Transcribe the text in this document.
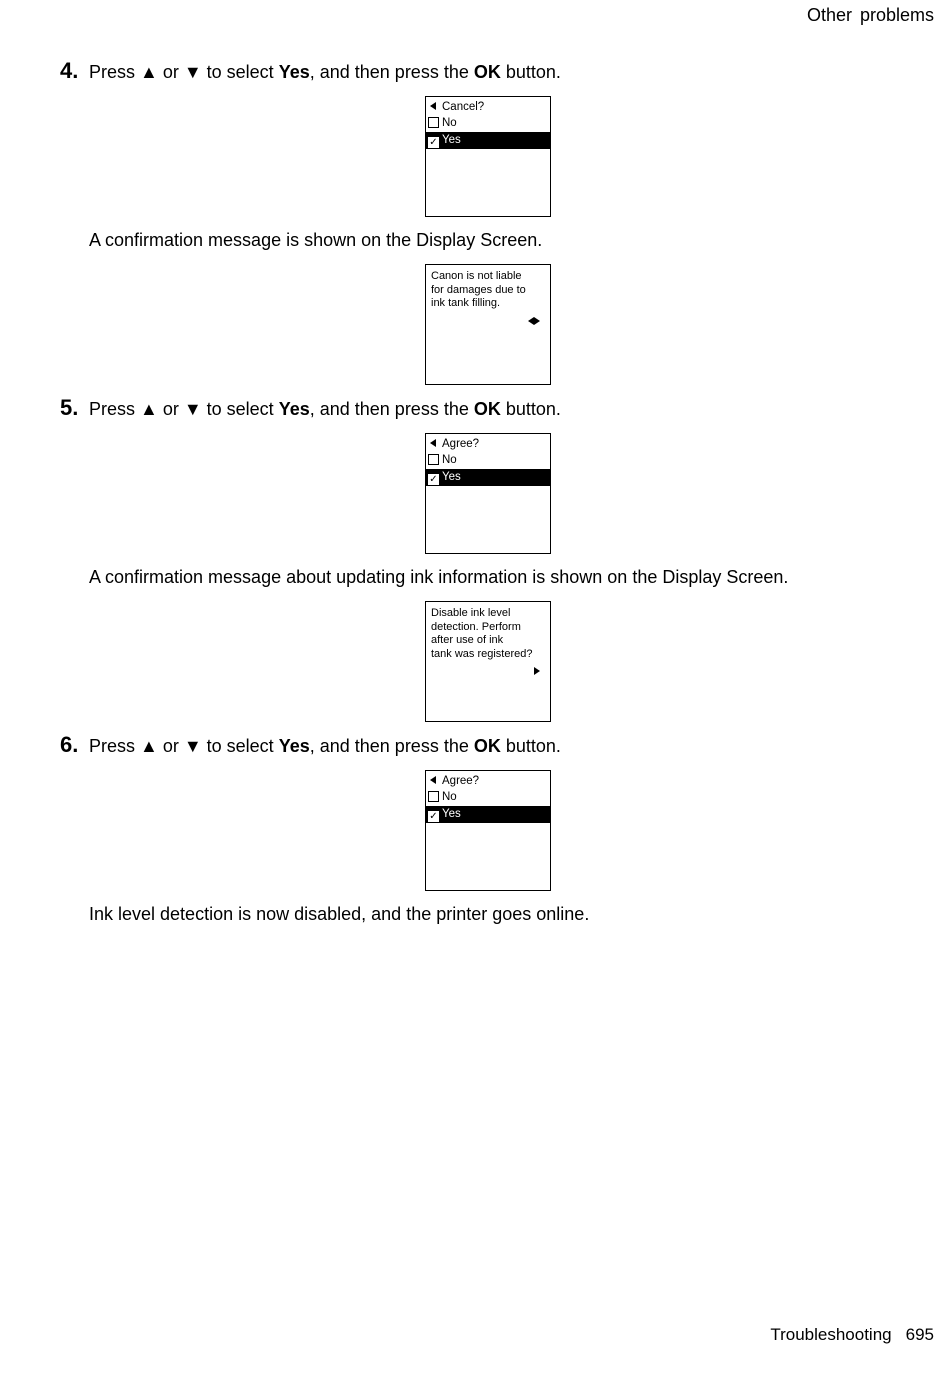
Other problems
4. Press ▲ or ▼ to select Yes, and then press the OK button.
Cancel?
No
✓ Yes
A confirmation message is shown on the Display Screen.
Canon is not liable
for damages due to
ink tank filling.
5. Press ▲ or ▼ to select Yes, and then press the OK button.
Agree?
No
✓ Yes
A confirmation message about updating ink information is shown on the Display Screen.
Disable ink level
detection. Perform
after use of ink
tank was registered?
6. Press ▲ or ▼ to select Yes, and then press the OK button.
Agree?
No
✓ Yes
Ink level detection is now disabled, and the printer goes online.
Troubleshooting 695
